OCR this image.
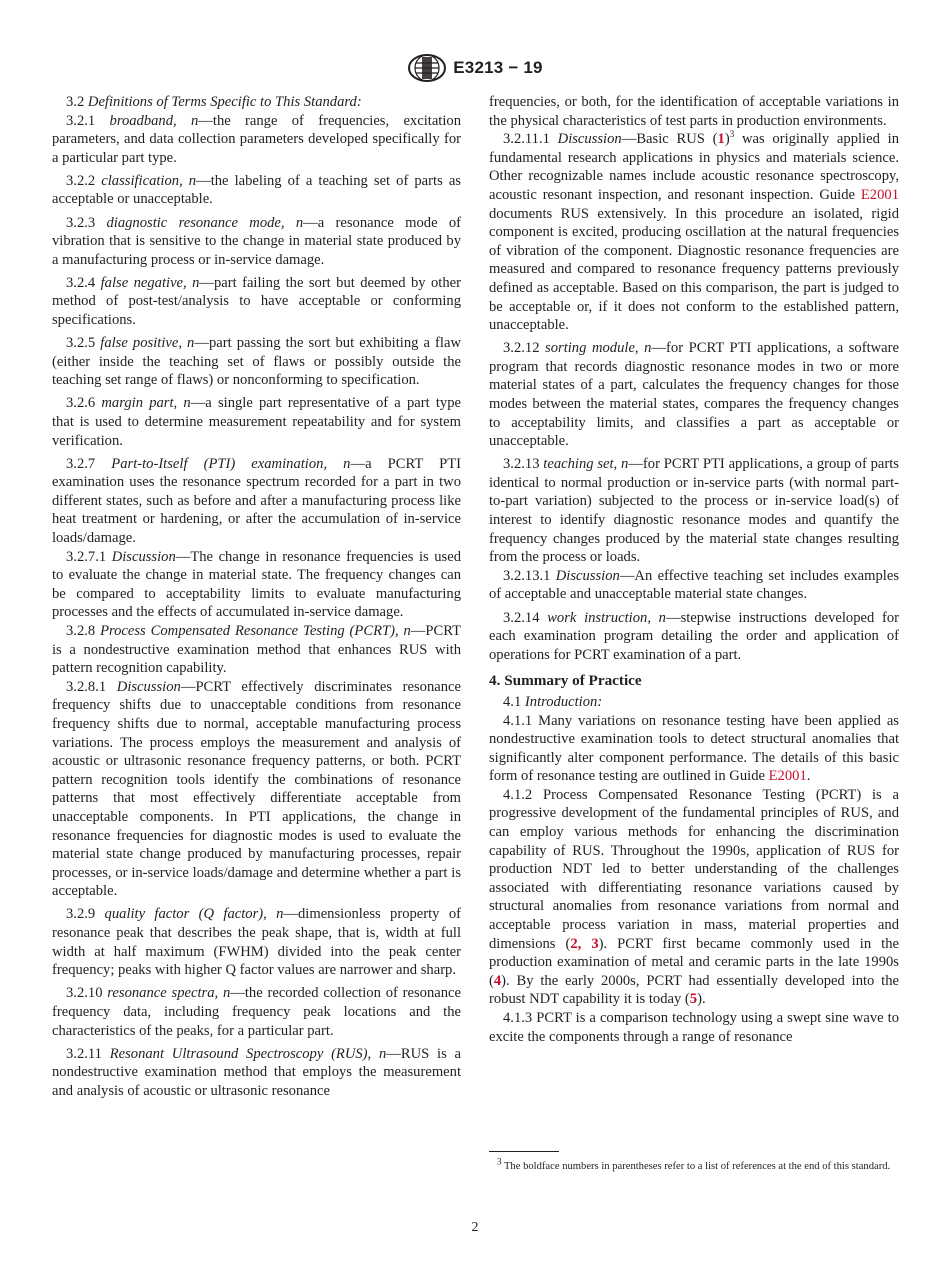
E3213 − 19

3.2 Definitions of Terms Specific to This Standard:

3.2.1 broadband, n—the range of frequencies, excitation parameters, and data collection parameters developed specifically for a particular part type.

3.2.2 classification, n—the labeling of a teaching set of parts as acceptable or unacceptable.

3.2.3 diagnostic resonance mode, n—a resonance mode of vibration that is sensitive to the change in material state produced by a manufacturing process or in-service damage.

3.2.4 false negative, n—part failing the sort but deemed by other method of post-test/analysis to have acceptable or conforming specifications.

3.2.5 false positive, n—part passing the sort but exhibiting a flaw (either inside the teaching set of flaws or possibly outside the teaching set range of flaws) or nonconforming to specification.

3.2.6 margin part, n—a single part representative of a part type that is used to determine measurement repeatability and for system verification.

3.2.7 Part-to-Itself (PTI) examination, n—a PCRT PTI examination uses the resonance spectrum recorded for a part in two different states, such as before and after a manufacturing process like heat treatment or hardening, or after the accumulation of in-service loads/damage.

3.2.7.1 Discussion—The change in resonance frequencies is used to evaluate the change in material state. The frequency changes can be compared to acceptability limits to evaluate manufacturing processes and the effects of accumulated in-service damage.

3.2.8 Process Compensated Resonance Testing (PCRT), n—PCRT is a nondestructive examination method that enhances RUS with pattern recognition capability.

3.2.8.1 Discussion—PCRT effectively discriminates resonance frequency shifts due to unacceptable conditions from resonance frequency shifts due to normal, acceptable manufacturing process variations. The process employs the measurement and analysis of acoustic or ultrasonic resonance frequency patterns, or both. PCRT pattern recognition tools identify the combinations of resonance patterns that most effectively differentiate acceptable from unacceptable components. In PTI applications, the change in resonance frequencies for diagnostic modes is used to evaluate the material state change produced by manufacturing processes, repair processes, or in-service loads/damage and determine whether a part is acceptable.

3.2.9 quality factor (Q factor), n—dimensionless property of resonance peak that describes the peak shape, that is, width at full width at half maximum (FWHM) divided into the peak center frequency; peaks with higher Q factor values are narrower and sharp.

3.2.10 resonance spectra, n—the recorded collection of resonance frequency data, including frequency peak locations and the characteristics of the peaks, for a particular part.

3.2.11 Resonant Ultrasound Spectroscopy (RUS), n—RUS is a nondestructive examination method that employs the measurement and analysis of acoustic or ultrasonic resonance

frequencies, or both, for the identification of acceptable variations in the physical characteristics of test parts in production environments.

3.2.11.1 Discussion—Basic RUS $(1)^3$ was originally applied in fundamental research applications in physics and materials science. Other recognizable names include acoustic resonance spectroscopy, acoustic resonant inspection, and resonant inspection. Guide E2001 documents RUS extensively. In this procedure an isolated, rigid component is excited, producing oscillation at the natural frequencies of vibration of the component. Diagnostic resonance frequencies are measured and compared to resonance frequency patterns previously defined as acceptable. Based on this comparison, the part is judged to be acceptable or, if it does not conform to the established pattern, unacceptable.

3.2.12 sorting module, n—for PCRT PTI applications, a software program that records diagnostic resonance modes in two or more material states of a part, calculates the frequency changes for those modes between the material states, compares the frequency changes to acceptability limits, and classifies a part as acceptable or unacceptable.

3.2.13 teaching set, n—for PCRT PTI applications, a group of parts identical to normal production or in-service parts (with normal part-to-part variation) subjected to the process or in-service load(s) of interest to identify diagnostic resonance modes and quantify the frequency changes produced by the material state changes resulting from the process or loads.

3.2.13.1 Discussion—An effective teaching set includes examples of acceptable and unacceptable material state changes.

3.2.14 work instruction, n—stepwise instructions developed for each examination program detailing the order and application of operations for PCRT examination of a part.

4. Summary of Practice

4.1 Introduction:

4.1.1 Many variations on resonance testing have been applied as nondestructive examination tools to detect structural anomalies that significantly alter component performance. The details of this basic form of resonance testing are outlined in Guide E2001.

4.1.2 Process Compensated Resonance Testing (PCRT) is a progressive development of the fundamental principles of RUS, and can employ various methods for enhancing the discrimination capability of RUS. Throughout the 1990s, application of RUS for production NDT led to better understanding of the challenges associated with differentiating resonance variations caused by structural anomalies from resonance variations from normal and acceptable process variation in mass, material properties and dimensions (2, 3). PCRT first became commonly used in the production examination of metal and ceramic parts in the late 1990s (4). By the early 2000s, PCRT had essentially developed into the robust NDT capability it is today (5).

4.1.3 PCRT is a comparison technology using a swept sine wave to excite the components through a range of resonance

$^3$ The boldface numbers in parentheses refer to a list of references at the end of this standard.
2
